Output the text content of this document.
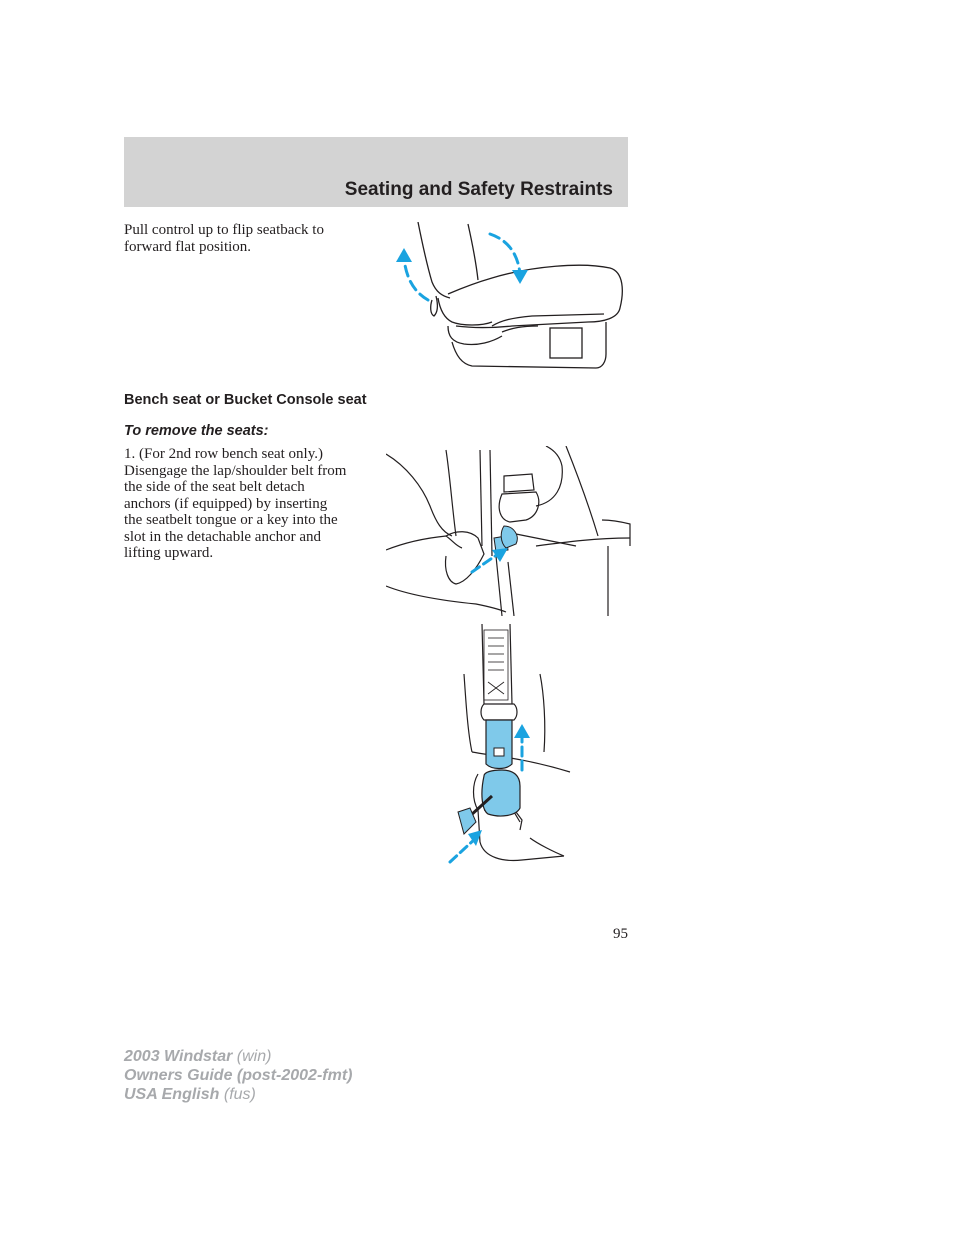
Seating and Safety Restraints

Pull control up to flip seatback to
forward flat position.

Bench seat or Bucket Console seat
To remove the seats:

1. (For 2nd row bench seat only.)
Disengage the lap/shoulder belt from
the side of the seat belt detach
anchors (if equipped) by inserting
the seatbelt tongue or a key into the
slot in the detachable anchor and
lifting upward.

95
2003 Windstar (win)
Owners Guide (post-2002-fmt)
USA English (fus)
